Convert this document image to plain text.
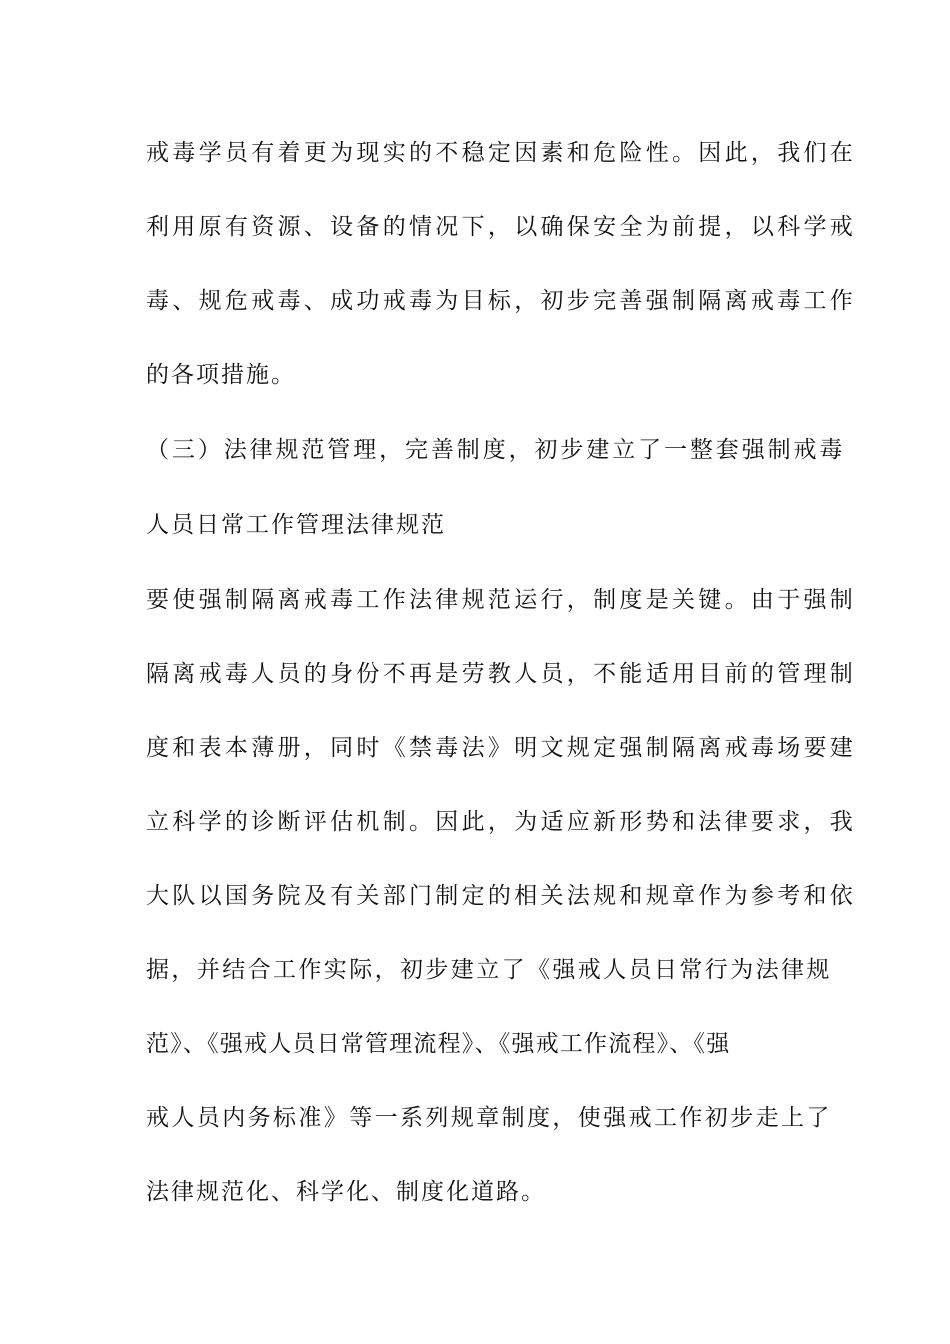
戒毒学员有着更为现实的不稳定因素和危险性。因此，我们在
利用原有资源、设备的情况下，以确保安全为前提，以科学戒
毒、规危戒毒、成功戒毒为目标，初步完善强制隔离戒毒工作
的各项措施。
（三）法律规范管理，完善制度，初步建立了一整套强制戒毒
人员日常工作管理法律规范
要使强制隔离戒毒工作法律规范运行，制度是关键。由于强制
隔离戒毒人员的身份不再是劳教人员，不能适用目前的管理制
度和表本薄册，同时《禁毒法》明文规定强制隔离戒毒场要建
立科学的诊断评估机制。因此，为适应新形势和法律要求，我
大队以国务院及有关部门制定的相关法规和规章作为参考和依
据，并结合工作实际，初步建立了《强戒人员日常行为法律规
范》、《强戒人员日常管理流程》、《强戒工作流程》、《强
戒人员内务标准》等一系列规章制度，使强戒工作初步走上了
法律规范化、科学化、制度化道路。
